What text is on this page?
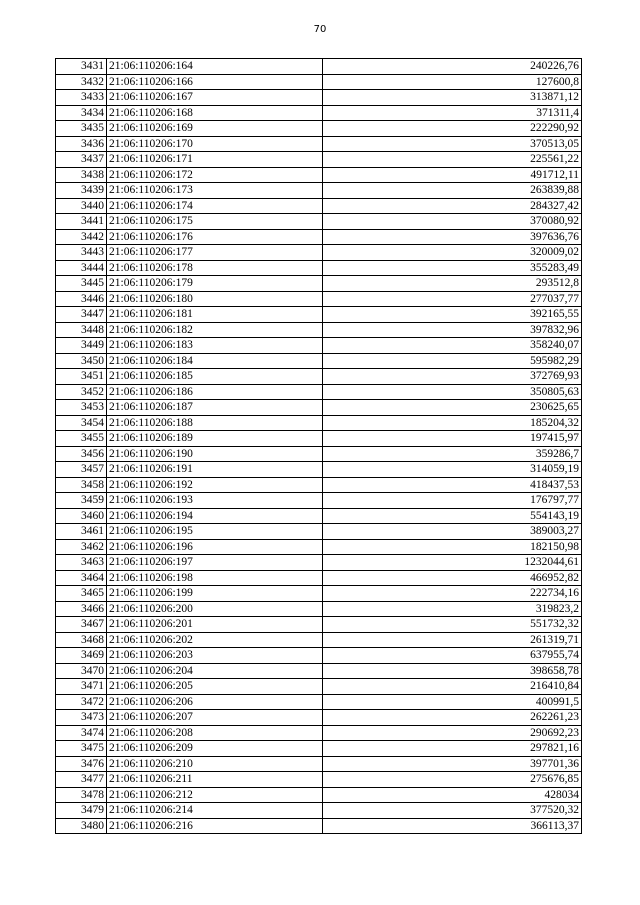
70
3431	21:06:110206:164	240226,76
3432	21:06:110206:166	127600,8
3433	21:06:110206:167	313871,12
3434	21:06:110206:168	371311,4
3435	21:06:110206:169	222290,92
3436	21:06:110206:170	370513,05
3437	21:06:110206:171	225561,22
3438	21:06:110206:172	491712,11
3439	21:06:110206:173	263839,88
3440	21:06:110206:174	284327,42
3441	21:06:110206:175	370080,92
3442	21:06:110206:176	397636,76
3443	21:06:110206:177	320009,02
3444	21:06:110206:178	355283,49
3445	21:06:110206:179	293512,8
3446	21:06:110206:180	277037,77
3447	21:06:110206:181	392165,55
3448	21:06:110206:182	397832,96
3449	21:06:110206:183	358240,07
3450	21:06:110206:184	595982,29
3451	21:06:110206:185	372769,93
3452	21:06:110206:186	350805,63
3453	21:06:110206:187	230625,65
3454	21:06:110206:188	185204,32
3455	21:06:110206:189	197415,97
3456	21:06:110206:190	359286,7
3457	21:06:110206:191	314059,19
3458	21:06:110206:192	418437,53
3459	21:06:110206:193	176797,77
3460	21:06:110206:194	554143,19
3461	21:06:110206:195	389003,27
3462	21:06:110206:196	182150,98
3463	21:06:110206:197	1232044,61
3464	21:06:110206:198	466952,82
3465	21:06:110206:199	222734,16
3466	21:06:110206:200	319823,2
3467	21:06:110206:201	551732,32
3468	21:06:110206:202	261319,71
3469	21:06:110206:203	637955,74
3470	21:06:110206:204	398658,78
3471	21:06:110206:205	216410,84
3472	21:06:110206:206	400991,5
3473	21:06:110206:207	262261,23
3474	21:06:110206:208	290692,23
3475	21:06:110206:209	297821,16
3476	21:06:110206:210	397701,36
3477	21:06:110206:211	275676,85
3478	21:06:110206:212	428034
3479	21:06:110206:214	377520,32
3480	21:06:110206:216	366113,37
